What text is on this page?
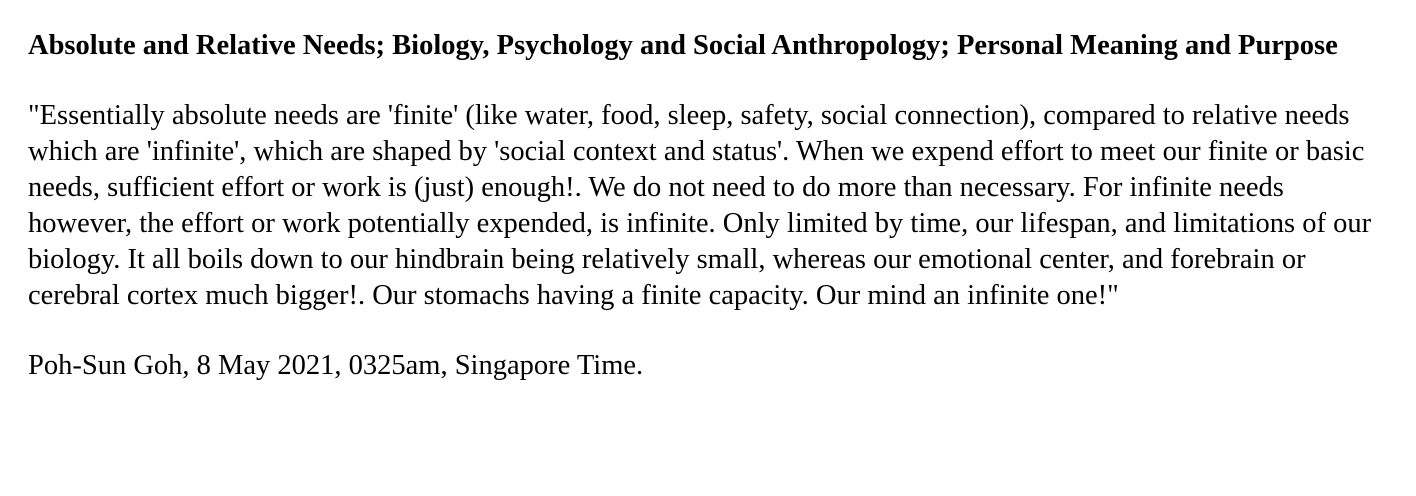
Absolute and Relative Needs; Biology, Psychology and Social Anthropology; Personal Meaning and Purpose

"Essentially absolute needs are 'finite' (like water, food, sleep, safety, social connection), compared to relative needs which are 'infinite', which are shaped by 'social context and status'. When we expend effort to meet our finite or basic needs, sufficient effort or work is (just) enough!. We do not need to do more than necessary. For infinite needs however, the effort or work potentially expended, is infinite. Only limited by time, our lifespan, and limitations of our biology. It all boils down to our hindbrain being relatively small, whereas our emotional center, and forebrain or cerebral cortex much bigger!. Our stomachs having a finite capacity. Our mind an infinite one!"

Poh-Sun Goh, 8 May 2021, 0325am, Singapore Time.
